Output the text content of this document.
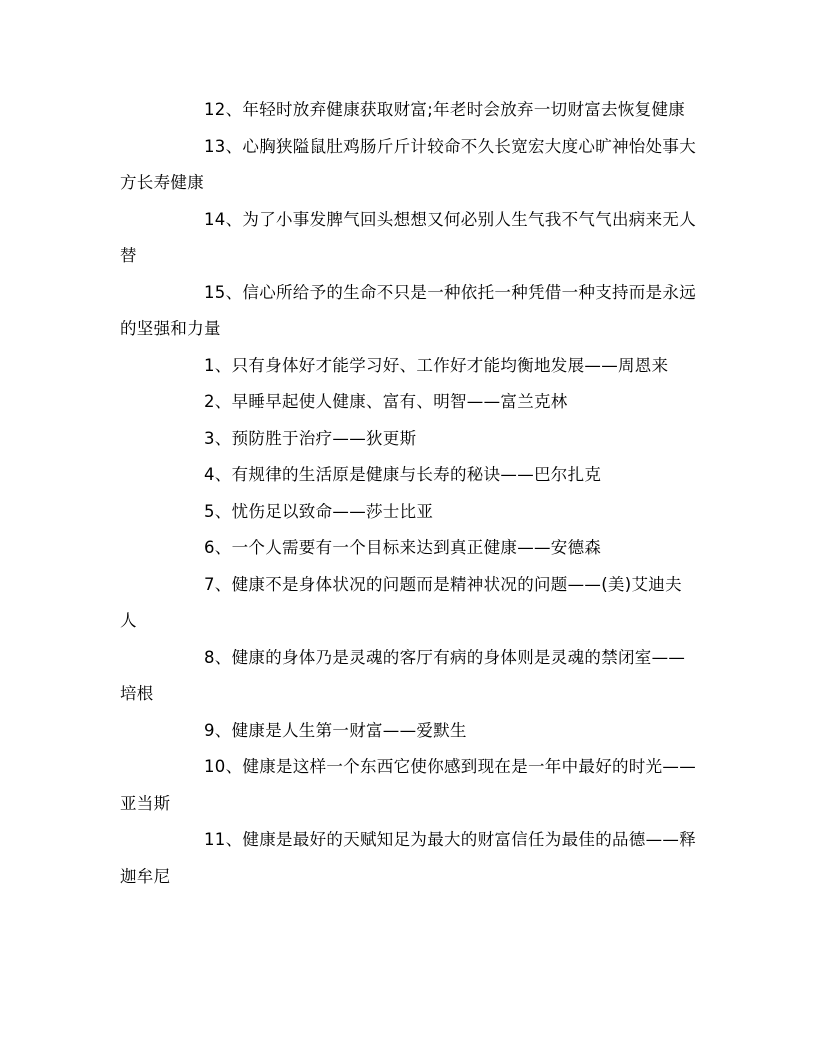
12、年轻时放弃健康获取财富;年老时会放弃一切财富去恢复健康

13、心胸狭隘鼠肚鸡肠斤斤计较命不久长宽宏大度心旷神怡处事大方长寿健康

14、为了小事发脾气回头想想又何必别人生气我不气气出病来无人替

15、信心所给予的生命不只是一种依托一种凭借一种支持而是永远的坚强和力量

1、只有身体好才能学习好、工作好才能均衡地发展——周恩来

2、早睡早起使人健康、富有、明智——富兰克林

3、预防胜于治疗——狄更斯

4、有规律的生活原是健康与长寿的秘诀——巴尔扎克

5、忧伤足以致命——莎士比亚

6、一个人需要有一个目标来达到真正健康——安德森

7、健康不是身体状况的问题而是精神状况的问题——(美)艾迪夫人

8、健康的身体乃是灵魂的客厅有病的身体则是灵魂的禁闭室——培根

9、健康是人生第一财富——爱默生

10、健康是这样一个东西它使你感到现在是一年中最好的时光——亚当斯

11、健康是最好的天赋知足为最大的财富信任为最佳的品德——释迦牟尼
